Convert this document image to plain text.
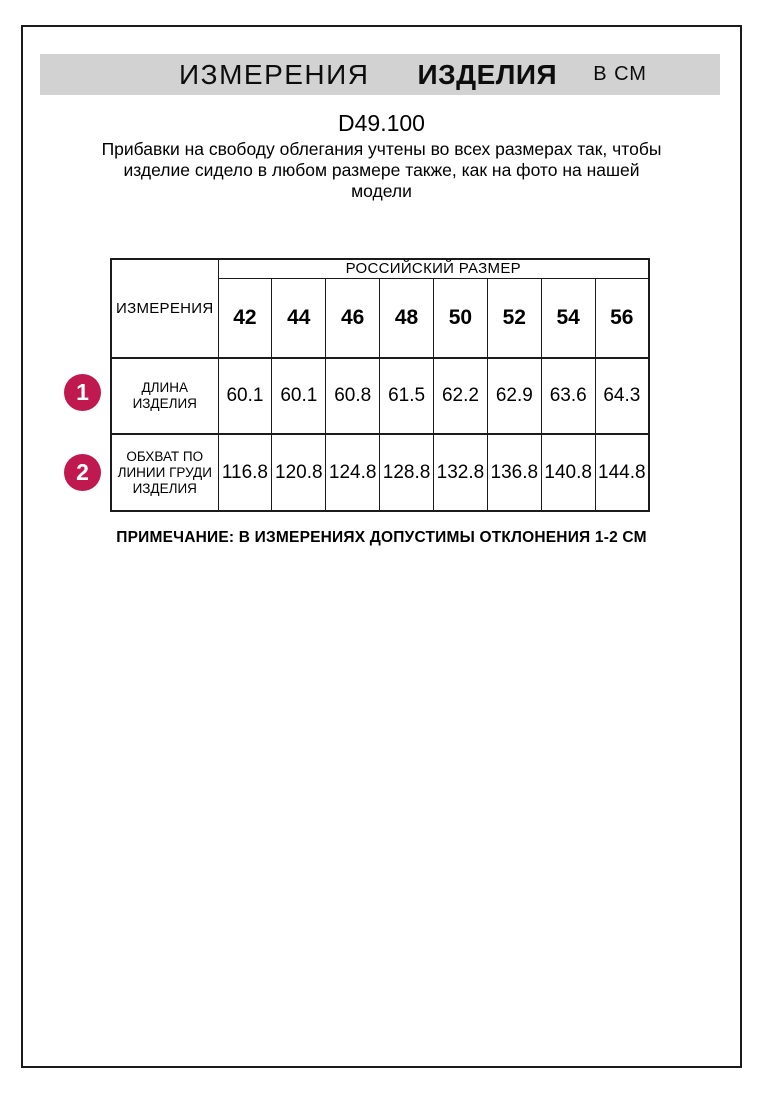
ИЗМЕРЕНИЯ ИЗДЕЛИЯ В СМ
D49.100
Прибавки на свободу облегания учтены во всех размерах так, чтобы
изделие сидело в любом размере также, как на фото на нашей
модели
ИЗМЕРЕНИЯ	РОССИЙСКИЙ РАЗМЕР							
	42	44	46	48	50	52	54	56

ДЛИНА
ИЗДЕЛИЯ	60.1	60.1	60.8	61.5	62.2	62.9	63.6	64.3

ОБХВАТ ПО
ЛИНИИ ГРУДИ
ИЗДЕЛИЯ	116.8	120.8	124.8	128.8	132.8	136.8	140.8	144.8
1
2
ПРИМЕЧАНИЕ: В ИЗМЕРЕНИЯХ ДОПУСТИМЫ ОТКЛОНЕНИЯ 1-2 СМ
